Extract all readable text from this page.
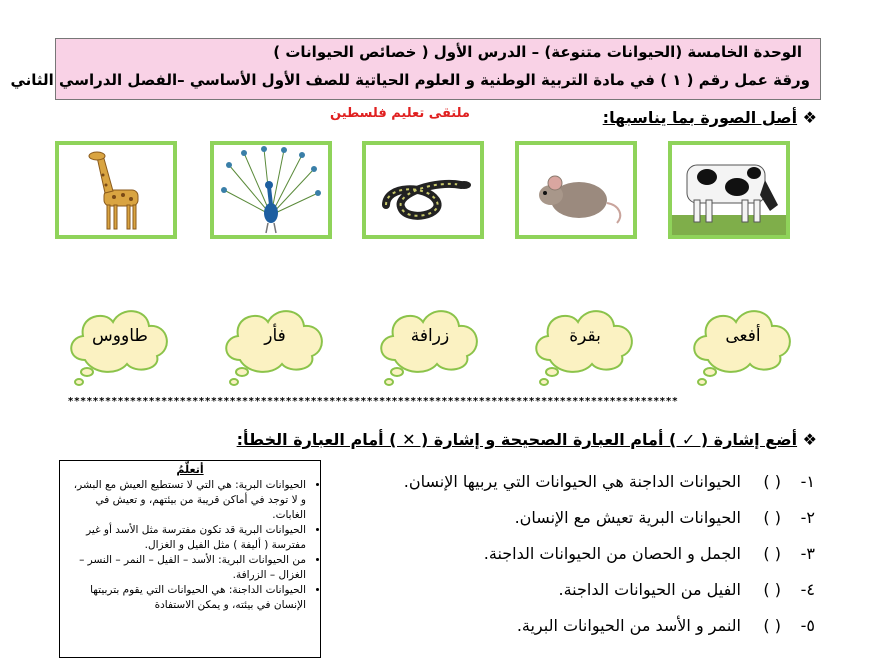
الوحدة الخامسة (الحيوانات متنوعة) – الدرس الأول ( خصائص الحيوانات )
ورقة عمل رقم ( ١ ) في مادة التربية الوطنية و العلوم الحياتية للصف الأول الأساسي –الفصل الدراسي الثاني
❖ أصل الصورة بما يناسبها:
ملتقى تعليم فلسطين
طاووس	فأر	زرافة	بقرة	أفعى
**************************************************************************************************
❖ أضع إشارة ( ✓ ) أمام العبارة الصحيحة و إشارة ( ✕ ) أمام العبارة الخطأ:
أتعلّمُ
• الحيوانات البرية: هي التي لا تستطيع العيش مع البشر، و لا توجد في أماكن قريبة من بيئتهم، و تعيش في الغابات.
• الحيوانات البرية قد تكون مفترسة مثل الأسد أو غير مفترسة ( أليفة ) مثل الفيل و الغزال.
• من الحيوانات البرية: الأسد – الفيل – النمر – النسر – الغزال – الزرافة.
• الحيوانات الداجنة: هي الحيوانات التي يقوم بتربيتها الإنسان في بيئته، و يمكن الاستفادة
١-( )الحيوانات الداجنة هي الحيوانات التي يربيها الإنسان.
٢-( )الحيوانات البرية تعيش مع الإنسان.
٣-( )الجمل و الحصان من الحيوانات الداجنة.
٤-( )الفيل من الحيوانات الداجنة.
٥-( )النمر و الأسد من الحيوانات البرية.
